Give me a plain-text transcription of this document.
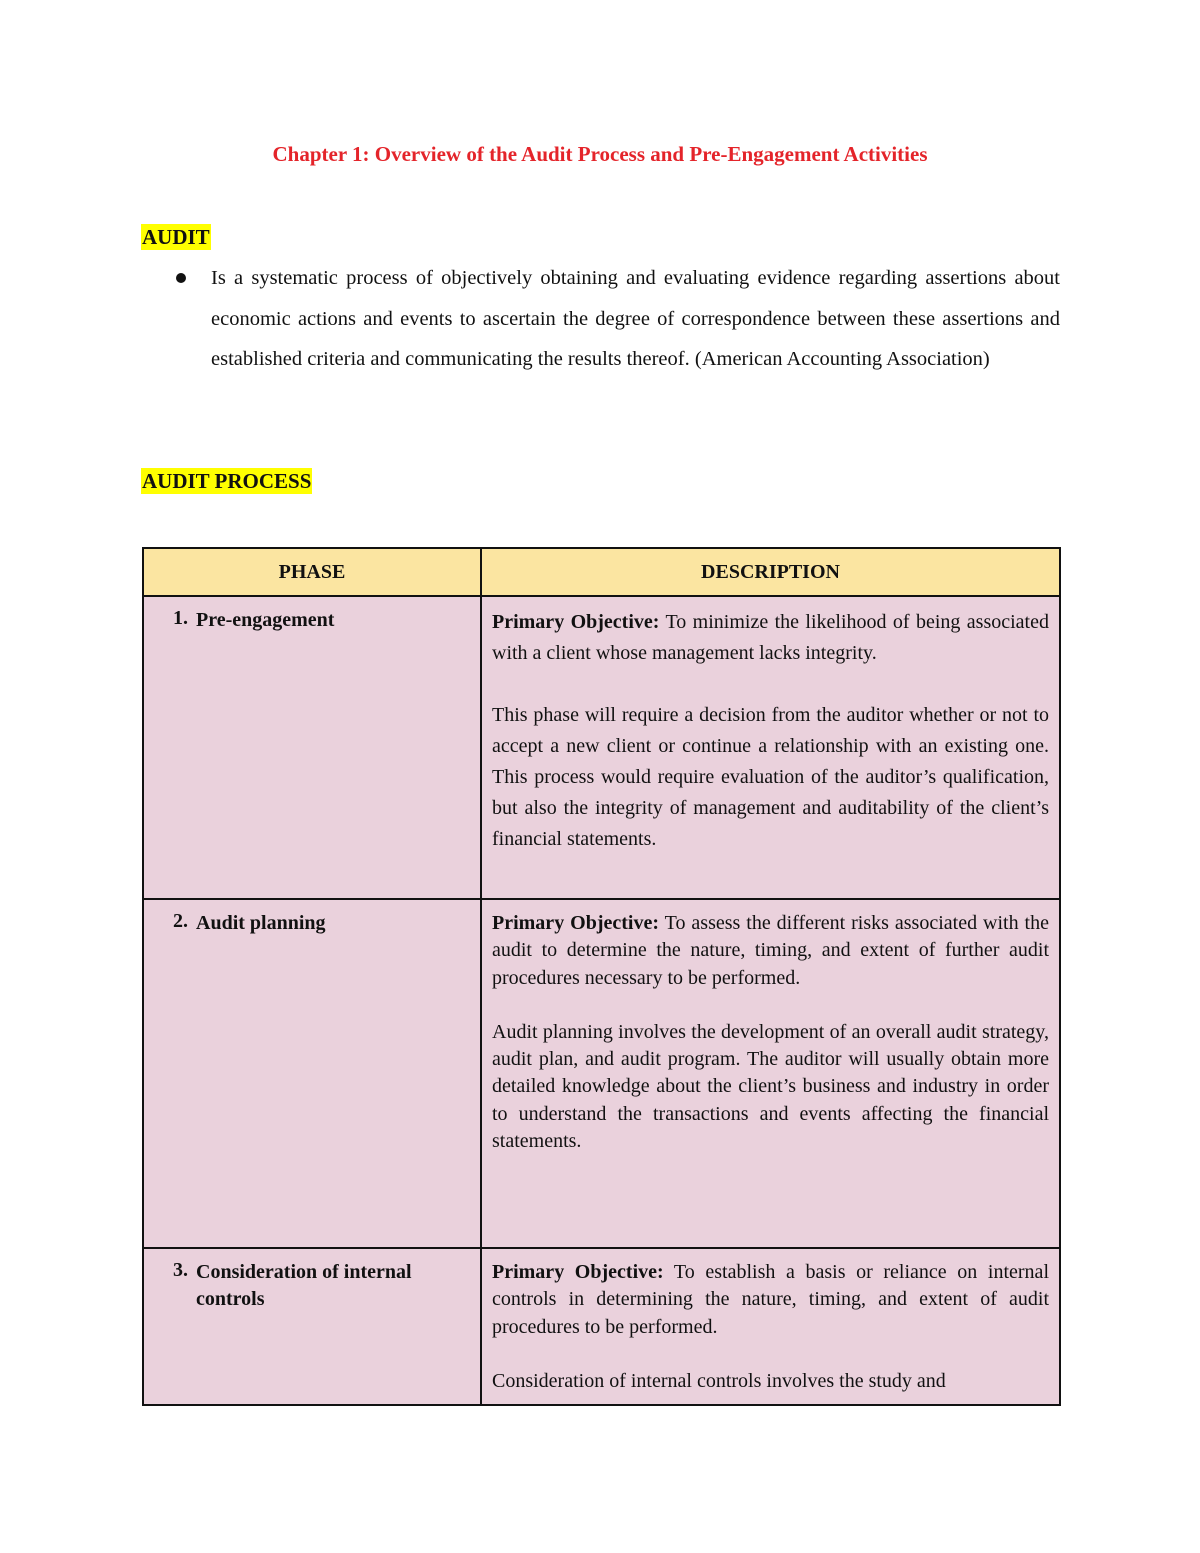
Chapter 1: Overview of the Audit Process and Pre-Engagement Activities
AUDIT
Is a systematic process of objectively obtaining and evaluating evidence regarding assertions about economic actions and events to ascertain the degree of correspondence between these assertions and established criteria and communicating the results thereof. (American Accounting Association)
AUDIT PROCESS
PHASE	DESCRIPTION
1. Pre-engagement	Primary Objective: To minimize the likelihood of being associated with a client whose management lacks integrity.

This phase will require a decision from the auditor whether or not to accept a new client or continue a relationship with an existing one. This process would require evaluation of the auditor’s qualification, but also the integrity of management and auditability of the client’s financial statements.

2. Audit planning	Primary Objective: To assess the different risks associated with the audit to determine the nature, timing, and extent of further audit procedures necessary to be performed.

Audit planning involves the development of an overall audit strategy, audit plan, and audit program. The auditor will usually obtain more detailed knowledge about the client’s business and industry in order to understand the transactions and events affecting the financial statements.

3. Consideration of internal controls	Primary Objective: To establish a basis or reliance on internal controls in determining the nature, timing, and extent of audit procedures to be performed.

Consideration of internal controls involves the study and
